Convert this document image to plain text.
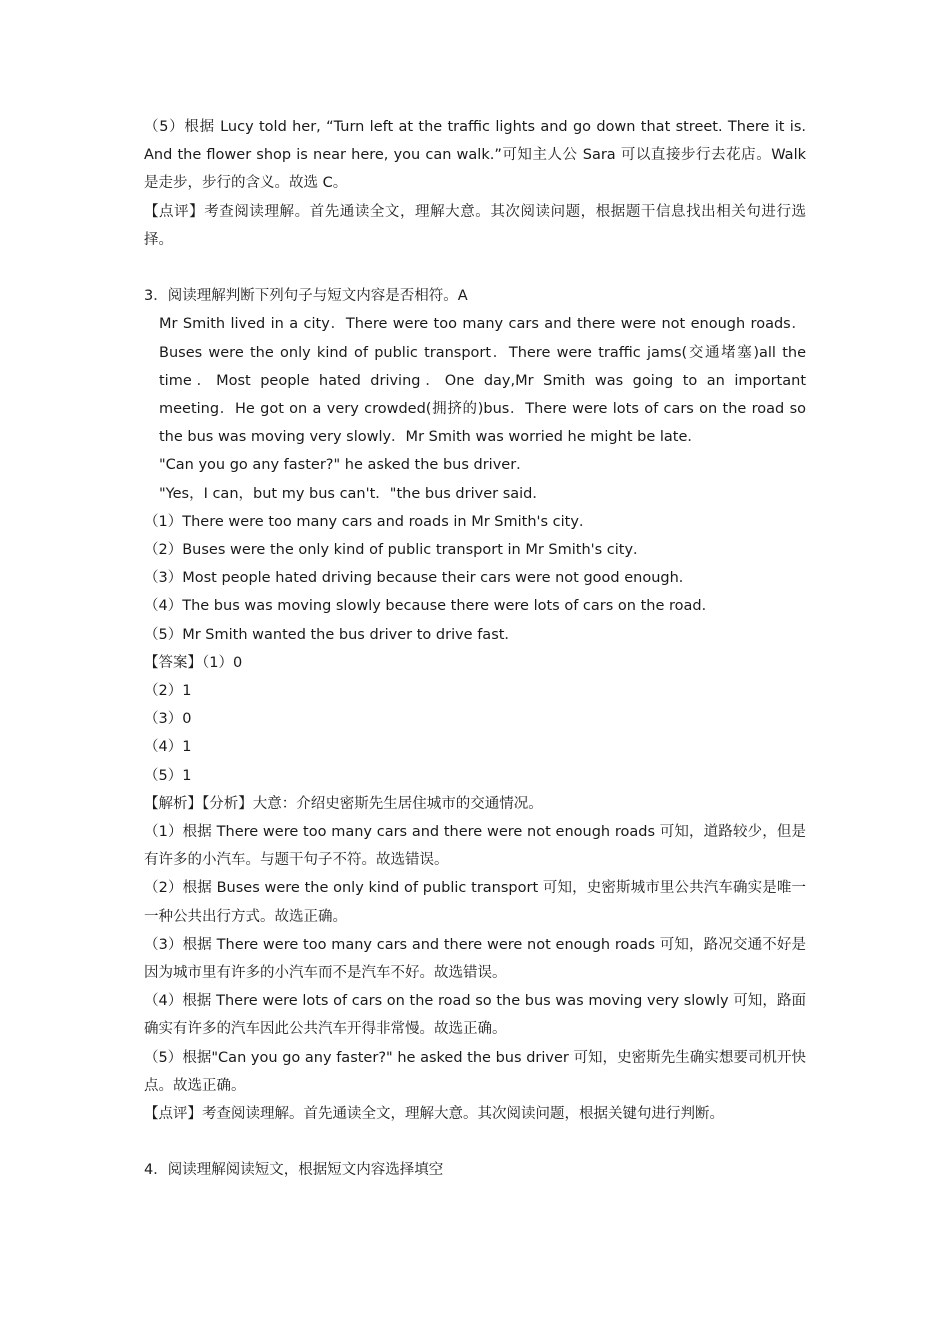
（5）根据 Lucy told her, “Turn left at the traffic lights and go down that street. There it is. And the flower shop is near here, you can walk.”可知主人公 Sara 可以直接步行去花店。Walk 是走步，步行的含义。故选 C。

【点评】考查阅读理解。首先通读全文，理解大意。其次阅读问题，根据题干信息找出相关句进行选择。

3．阅读理解判断下列句子与短文内容是否相符。A

Mr Smith lived in a city．There were too many cars and there were not enough roads．Buses were the only kind of public transport．There were traffic jams(交通堵塞)all the time．Most people hated driving．One day,Mr Smith was going to an important meeting．He got on a very crowded(拥挤的)bus．There were lots of cars on the road so the bus was moving very slowly．Mr Smith was worried he might be late．

"Can you go any faster?" he asked the bus driver．

"Yes，I can，but my bus can't．"the bus driver said．

（1）There were too many cars and roads in Mr Smith's city．

（2）Buses were the only kind of public transport in Mr Smith's city．

（3）Most people hated driving because their cars were not good enough．

（4）The bus was moving slowly because there were lots of cars on the road．

（5）Mr Smith wanted the bus driver to drive fast．

【答案】（1）0

（2）1

（3）0

（4）1

（5）1

【解析】【分析】大意：介绍史密斯先生居住城市的交通情况。

（1）根据 There were too many cars and there were not enough roads 可知，道路较少，但是有许多的小汽车。与题干句子不符。故选错误。

（2）根据 Buses were the only kind of public transport 可知，史密斯城市里公共汽车确实是唯一一种公共出行方式。故选正确。

（3）根据 There were too many cars and there were not enough roads 可知，路况交通不好是因为城市里有许多的小汽车而不是汽车不好。故选错误。

（4）根据 There were lots of cars on the road so the bus was moving very slowly 可知，路面确实有许多的汽车因此公共汽车开得非常慢。故选正确。

（5）根据"Can you go any faster?" he asked the bus driver 可知，史密斯先生确实想要司机开快点。故选正确。

【点评】考查阅读理解。首先通读全文，理解大意。其次阅读问题，根据关键句进行判断。

4．阅读理解阅读短文，根据短文内容选择填空
